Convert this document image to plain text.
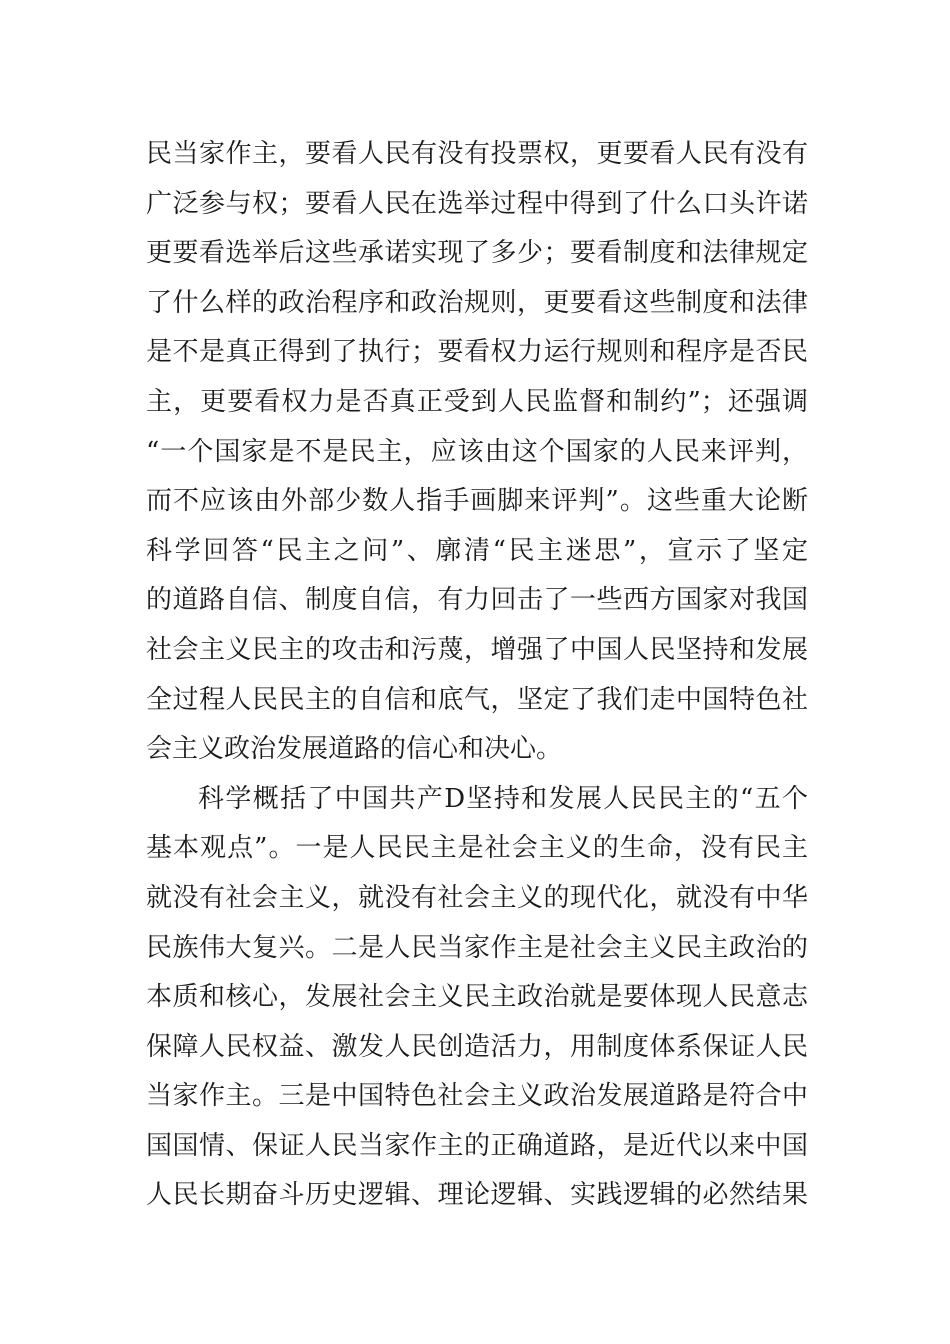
民当家作主，要看人民有没有投票权，更要看人民有没有
广泛参与权；要看人民在选举过程中得到了什么口头许诺
更要看选举后这些承诺实现了多少；要看制度和法律规定
了什么样的政治程序和政治规则，更要看这些制度和法律
是不是真正得到了执行；要看权力运行规则和程序是否民
主，更要看权力是否真正受到人民监督和制约”；还强调
“一个国家是不是民主，应该由这个国家的人民来评判，
而不应该由外部少数人指手画脚来评判”。这些重大论断
科学回答“民主之问”、廓清“民主迷思”，宣示了坚定
的道路自信、制度自信，有力回击了一些西方国家对我国
社会主义民主的攻击和污蔑，增强了中国人民坚持和发展
全过程人民民主的自信和底气，坚定了我们走中国特色社
会主义政治发展道路的信心和决心。
科学概括了中国共产D坚持和发展人民民主的“五个
基本观点”。一是人民民主是社会主义的生命，没有民主
就没有社会主义，就没有社会主义的现代化，就没有中华
民族伟大复兴。二是人民当家作主是社会主义民主政治的
本质和核心，发展社会主义民主政治就是要体现人民意志
保障人民权益、激发人民创造活力，用制度体系保证人民
当家作主。三是中国特色社会主义政治发展道路是符合中
国国情、保证人民当家作主的正确道路，是近代以来中国
人民长期奋斗历史逻辑、理论逻辑、实践逻辑的必然结果
